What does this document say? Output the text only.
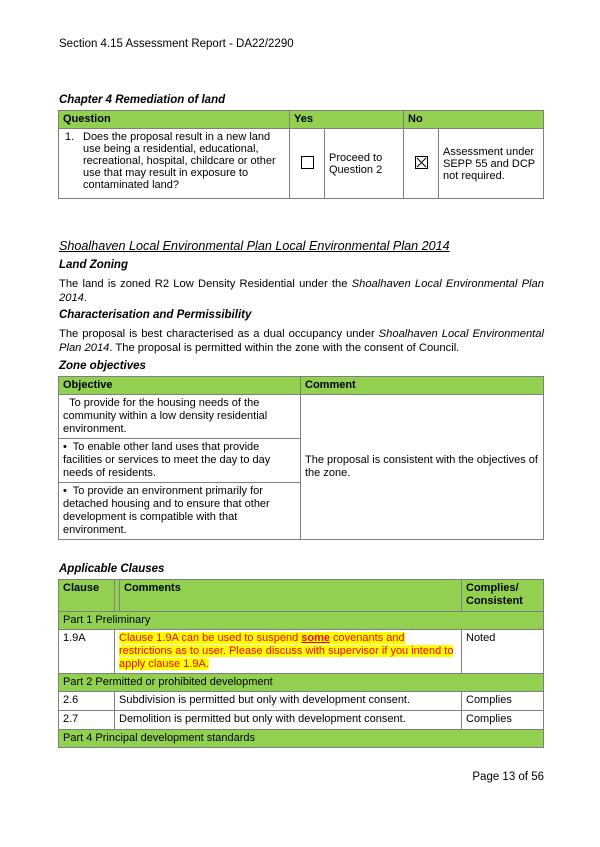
Section 4.15 Assessment Report - DA22/2290
Chapter 4 Remediation of land
Question	Yes		No	

1. Does the proposal result in a new land use being a residential, educational, recreational, hospital, childcare or other use that may result in exposure to contaminated land?		Proceed to Question 2		Assessment under SEPP 55 and DCP not required.
Shoalhaven Local Environmental Plan Local Environmental Plan 2014
Land Zoning
The land is zoned R2 Low Density Residential under the Shoalhaven Local Environmental Plan 2014.
Characterisation and Permissibility
The proposal is best characterised as a dual occupancy under Shoalhaven Local Environmental Plan 2014. The proposal is permitted within the zone with the consent of Council.
Zone objectives
Objective	Comment
To provide for the housing needs of the community within a low density residential environment.	The proposal is consistent with the objectives of the zone.
•  To enable other land uses that provide facilities or services to meet the day to day needs of residents.	
•  To provide an environment primarily for detached housing and to ensure that other development is compatible with that environment.	
Applicable Clauses
Clause		Comments	Complies/ Consistent
Part 1 Preliminary			
1.9A	Clause 1.9A can be used to suspend some covenants and restrictions as to user. Please discuss with supervisor if you intend to apply clause 1.9A.		Noted
Part 2 Permitted or prohibited development			
2.6	Subdivision is permitted but only with development consent.		Complies
2.7	Demolition is permitted but only with development consent.		Complies
Part 4 Principal development standards			
Page 13 of 56
